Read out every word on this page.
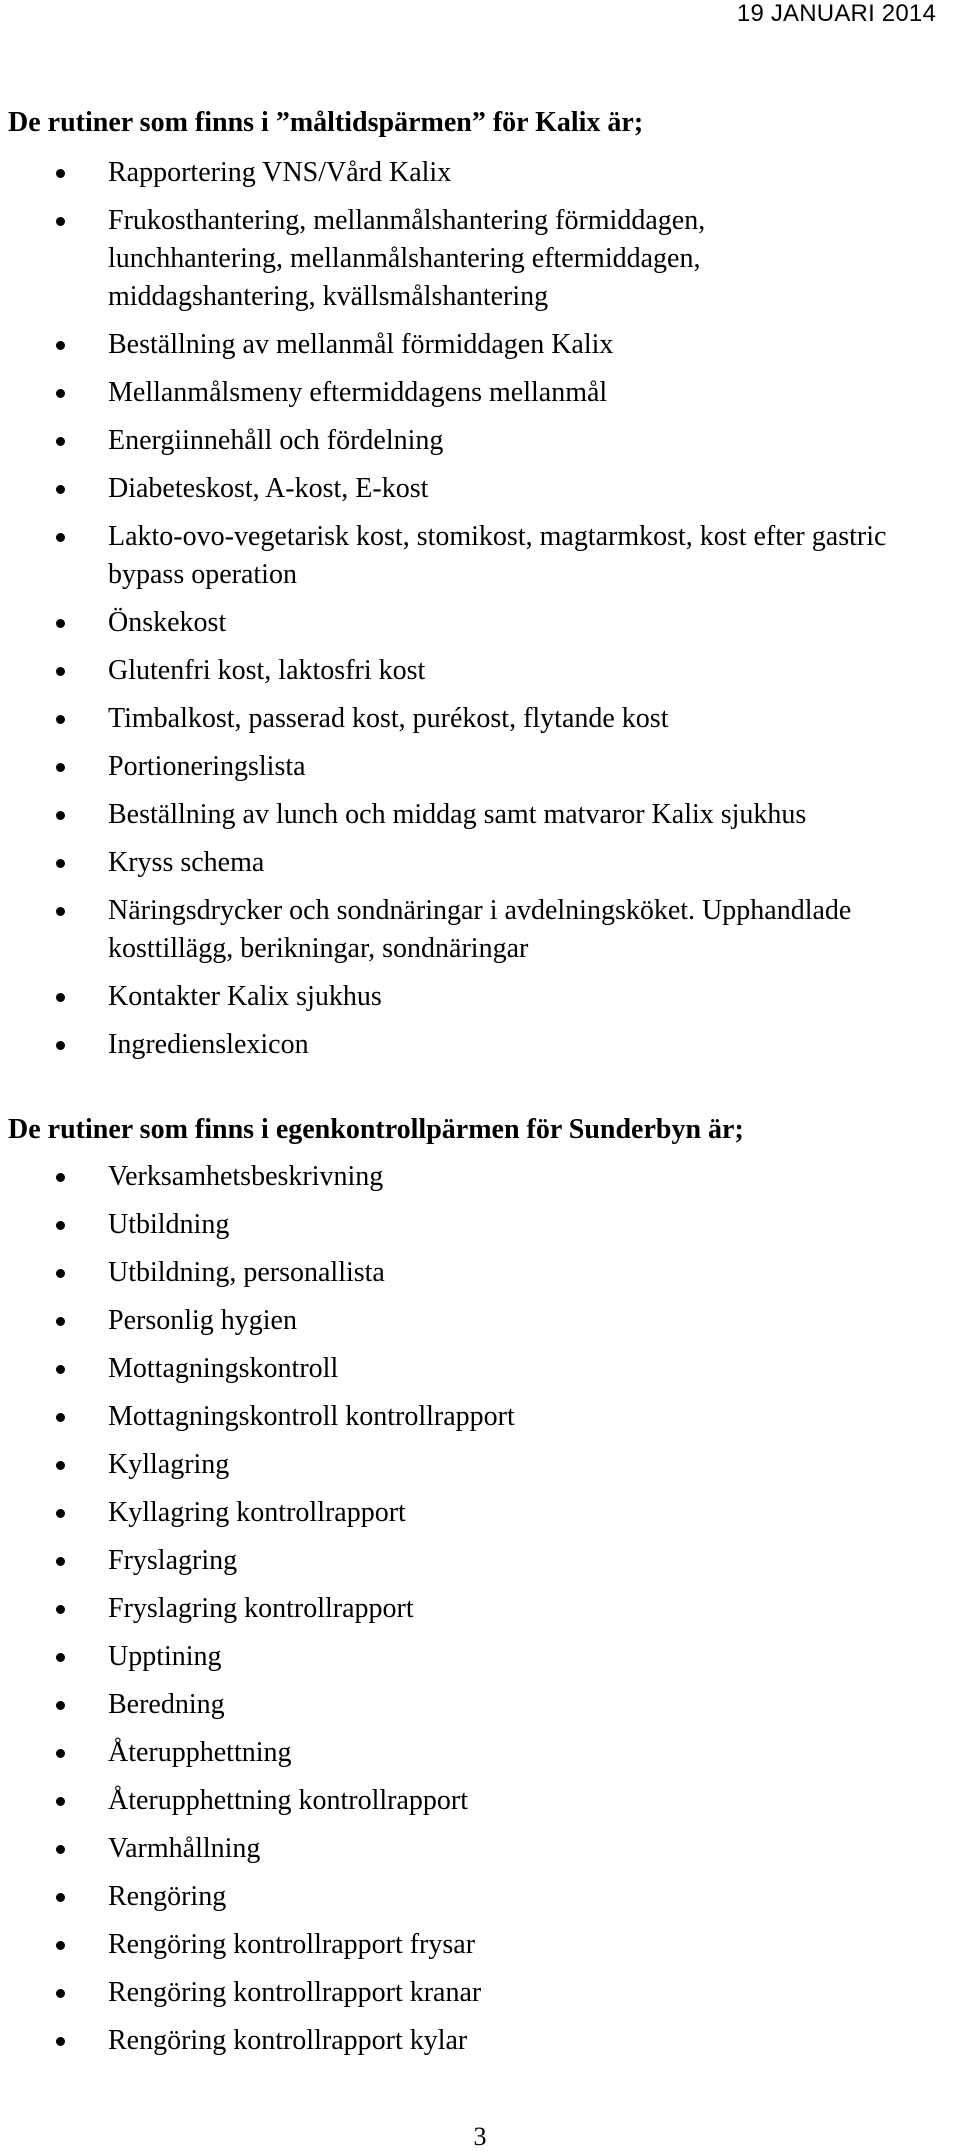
19 JANUARI 2014
De rutiner som finns i ”måltidspärmen” för Kalix är;
Rapportering VNS/Vård Kalix
Frukosthantering, mellanmålshantering förmiddagen, lunchhantering, mellanmålshantering eftermiddagen, middagshantering, kvällsmålshantering
Beställning av mellanmål förmiddagen Kalix
Mellanmålsmeny eftermiddagens mellanmål
Energiinnehåll och fördelning
Diabeteskost, A-kost, E-kost
Lakto-ovo-vegetarisk kost, stomikost, magtarmkost, kost efter gastric bypass operation
Önskekost
Glutenfri kost, laktosfri kost
Timbalkost, passerad kost, purékost, flytande kost
Portioneringslista
Beställning av lunch och middag samt matvaror Kalix sjukhus
Kryss schema
Näringsdrycker och sondnäringar i avdelningsköket. Upphandlade kosttillägg, berikningar, sondnäringar
Kontakter Kalix sjukhus
Ingredienslexicon
De rutiner som finns i egenkontrollpärmen för Sunderbyn är;
Verksamhetsbeskrivning
Utbildning
Utbildning, personallista
Personlig hygien
Mottagningskontroll
Mottagningskontroll kontrollrapport
Kyllagring
Kyllagring kontrollrapport
Fryslagring
Fryslagring kontrollrapport
Upptining
Beredning
Återupphettning
Återupphettning kontrollrapport
Varmhållning
Rengöring
Rengöring kontrollrapport frysar
Rengöring kontrollrapport kranar
Rengöring kontrollrapport kylar
3
